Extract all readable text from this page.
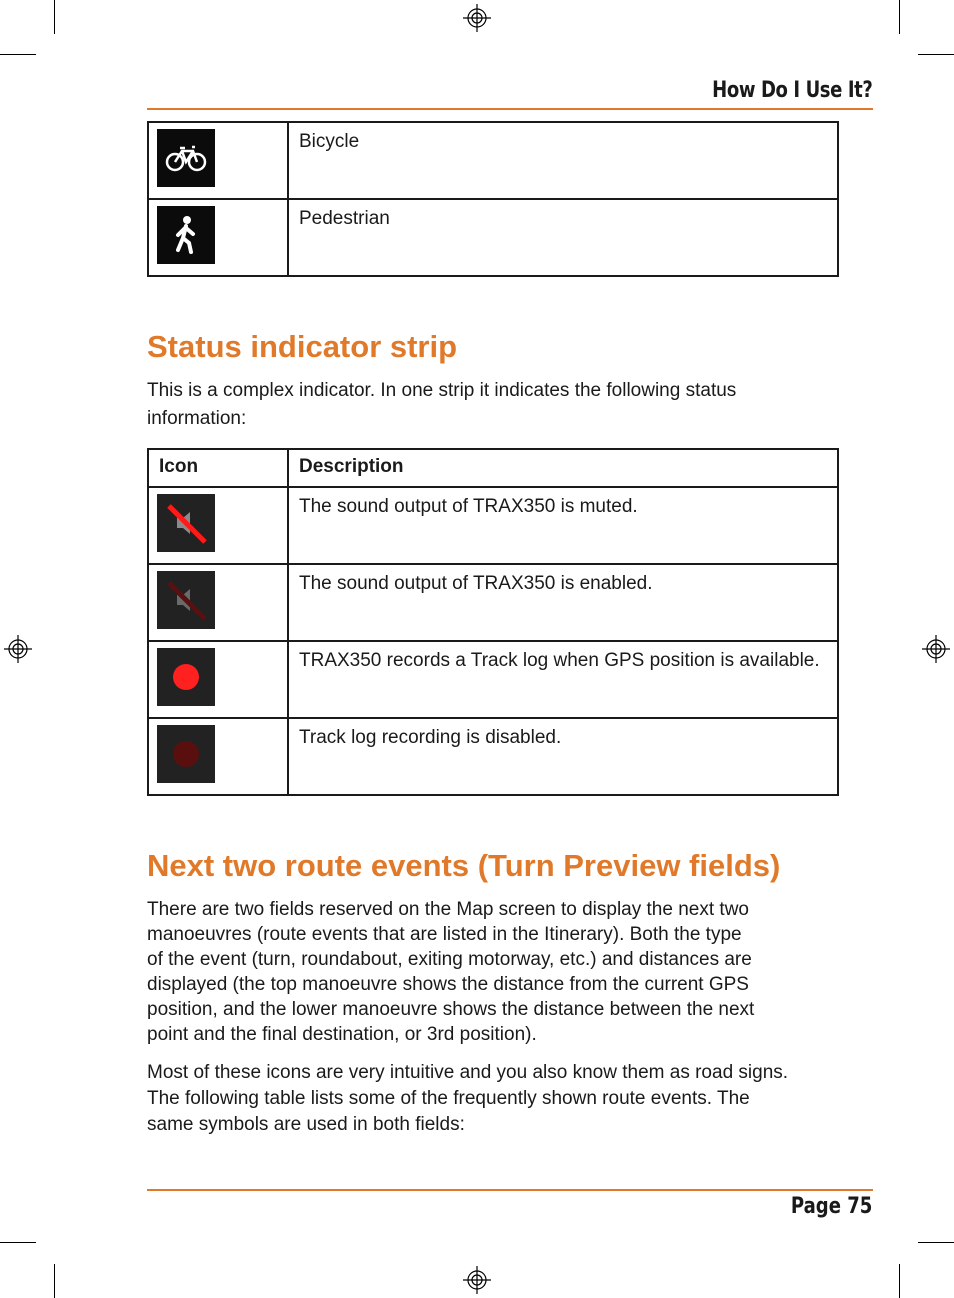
How Do I Use It?
	Bicycle

	Pedestrian
Status indicator strip

This is a complex indicator. In one strip it indicates the following status

information:

Icon	Description

	The sound output of TRAX350 is muted.

	The sound output of TRAX350 is enabled.

	TRAX350 records a Track log when GPS position is available.

	Track log recording is disabled.
Next two route events (Turn Preview fields)

There are two fields reserved on the Map screen to display the next two
manoeuvres (route events that are listed in the Itinerary). Both the type
of the event (turn, roundabout, exiting motorway, etc.) and distances are
displayed (the top manoeuvre shows the distance from the current GPS
position, and the lower manoeuvre shows the distance between the next
point and the final destination, or 3rd position).

Most of these icons are very intuitive and you also know them as road signs.
The following table lists some of the frequently shown route events. The
same symbols are used in both fields:

Page 75
